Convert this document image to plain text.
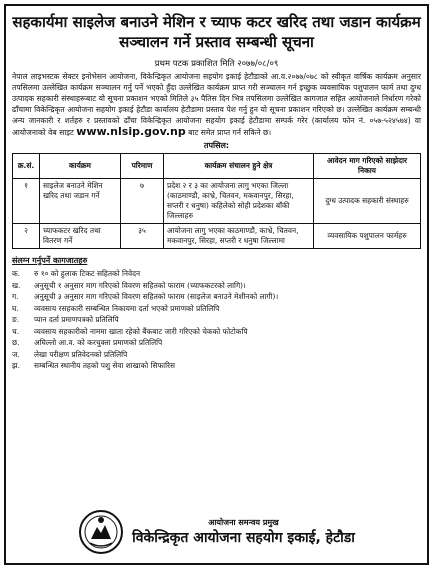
सहकार्यमा साइलेज बनाउने मेशिन र च्याफ कटर खरिद तथा जडान कार्यक्रम सञ्चालन गर्ने प्रस्ताव सम्बन्धी सूचना
प्रथम पटक प्रकाशित मिति २०७७/०८/०९
नेपाल लाइभस्टक सेक्टर इनोभेसन आयोजना, विकेन्द्रिकृत आयोजना सहयोग इकाई हेटौडाको आ.व.२०७७/०७८ को स्वीकृत वार्षिक कार्यक्रम अनुसार तपसिलमा उल्लेखित कार्यक्रम सञ्चालन गर्नु पर्ने भएको हुँदा उल्लेखित कार्यक्रम प्राप्त गरी सञ्चालन गर्न इच्छुक व्यवसायिक पशुपालन फार्म तथा दुग्ध उत्पादक सहकारी संस्थाहरूबाट यो सूचना प्रकाशन भएको मितिले ३५ पैतिस दिन भित्र तपसिलमा उल्लेखित कागजात सहित आयोजनाले निर्धारण गरेको ढाँचामा विकेन्द्रिकृत आयोजना सहयोग इकाई हेटौडा कार्यालय हेटौडामा प्रस्ताव पेश गर्नु हुन यो सूचना प्रकाशन गरिएको छ। उल्लेखित कार्यक्रम सम्बन्धी अन्य जानकारी र शर्तहरु र प्रस्तावको ढाँचा विकेन्द्रिकृत आयोजना सहयोग इकाई हेटौडामा सम्पर्क गरेर (कार्यालय फोन नं. ०५७-५२४५७४) वा आयोजनाको वेब साइट www.nlsip.gov.np बाट समेत प्राप्त गर्न सकिने छ।
तपसिल:
क्र.सं.	कार्यक्रम	परिमाण	कार्यक्रम संचालन हुने क्षेत्र	आवेदन माग गरिएको साझेदार निकाय
१	साइलेज बनाउने मेशिन खरिद तथा जडान गर्ने	७	प्रदेश २ र ३ का आयोजना लागु भएका जिल्ला (काठमाण्डौ, काभ्रे, चितवन, मकवानपुर, सिरहा, सप्तरी र धनुषा) कहिलेको सोही प्रदेशका बाँकी जिल्लाहरु	दुग्ध उत्पादक सहकारी संस्थाहरु
२	च्याफकटर खरिद तथा वितरण गर्ने	३५	आयोजना लागु भएका काठमाण्डौ, काभ्रे, चितवन, मकवानपुर, सिरहा, सप्तरी र धनुषा जिल्लामा	व्यवसायिक पशुपालन फार्महरु
संलग्न गर्नुपर्ने कागजातहरु
क.	रु १० को हुलाक टिकट सहितको निवेदन
ख.	अनुसूची १ अनुसार माग गरिएको विवरण सहितको फाराम (च्याफकटरको लागि)।
ग.	अनुसूची ३ अनुसार माग गरिएको विवरण सहितको फाराम (साइलेज बनाउने मेशीनको लागी)।
घ.	व्यवसाय रसहकारी सम्बन्धित निकायमा दर्ता भएको प्रमाणको प्रतिलिपि
ङ.	प्यान दर्ता प्रमाणपत्रको प्रतिलिपि
च.	व्यवसाय सहकारीको नाममा खाता रहेको बैंकबाट जारी गरिएको चेकको फोटोकपि
छ.	अघिल्लो आ.व. को करचुक्ता प्रमाणको प्रतिलिपि
ज.	लेखा परीक्षण प्रतिवेदनको प्रतिलिपि
झ.	सम्बन्धित स्थानीय तहको पशु सेवा शाखाको सिफारिस
आयोजना समन्वय प्रमुख
विकेन्द्रिकृत आयोजना सहयोग इकाई, हेटौडा
